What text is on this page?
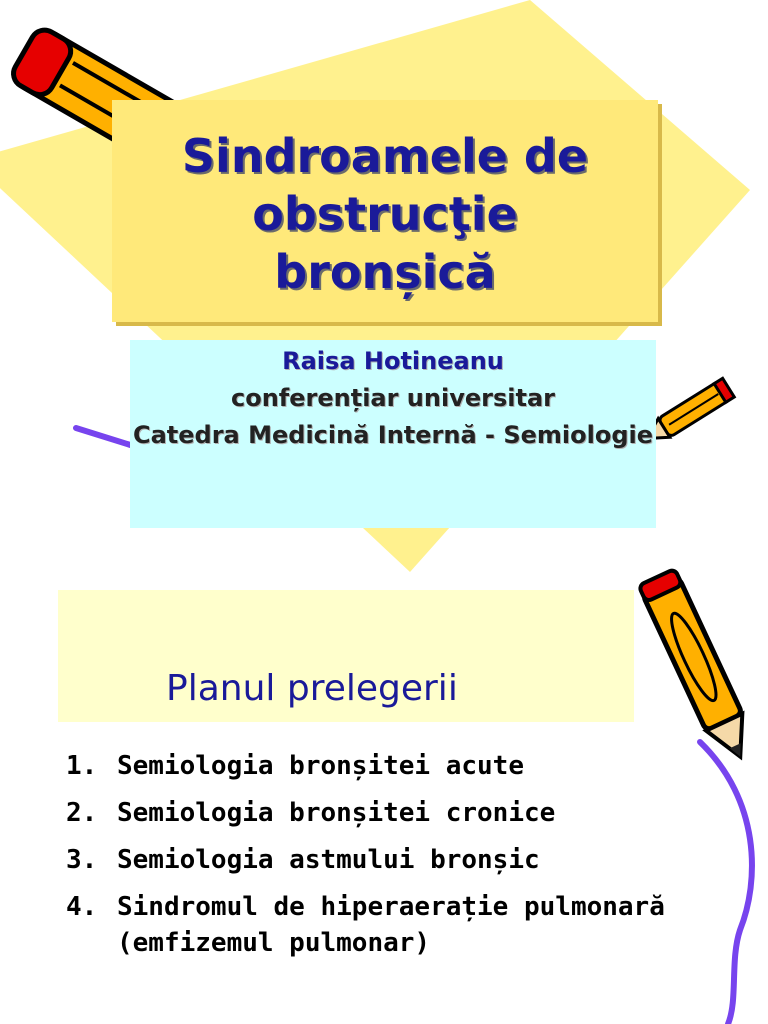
Sindroamele de obstrucţie bronșică
Raisa Hotineanu
conferențiar universitar
Catedra Medicină Internă - Semiologie
Planul prelegerii
1. Semiologia bronșitei acute
2. Semiologia bronșitei cronice
3. Semiologia astmului bronșic
4. Sindromul de hiperaerație pulmonară (emfizemul pulmonar)
